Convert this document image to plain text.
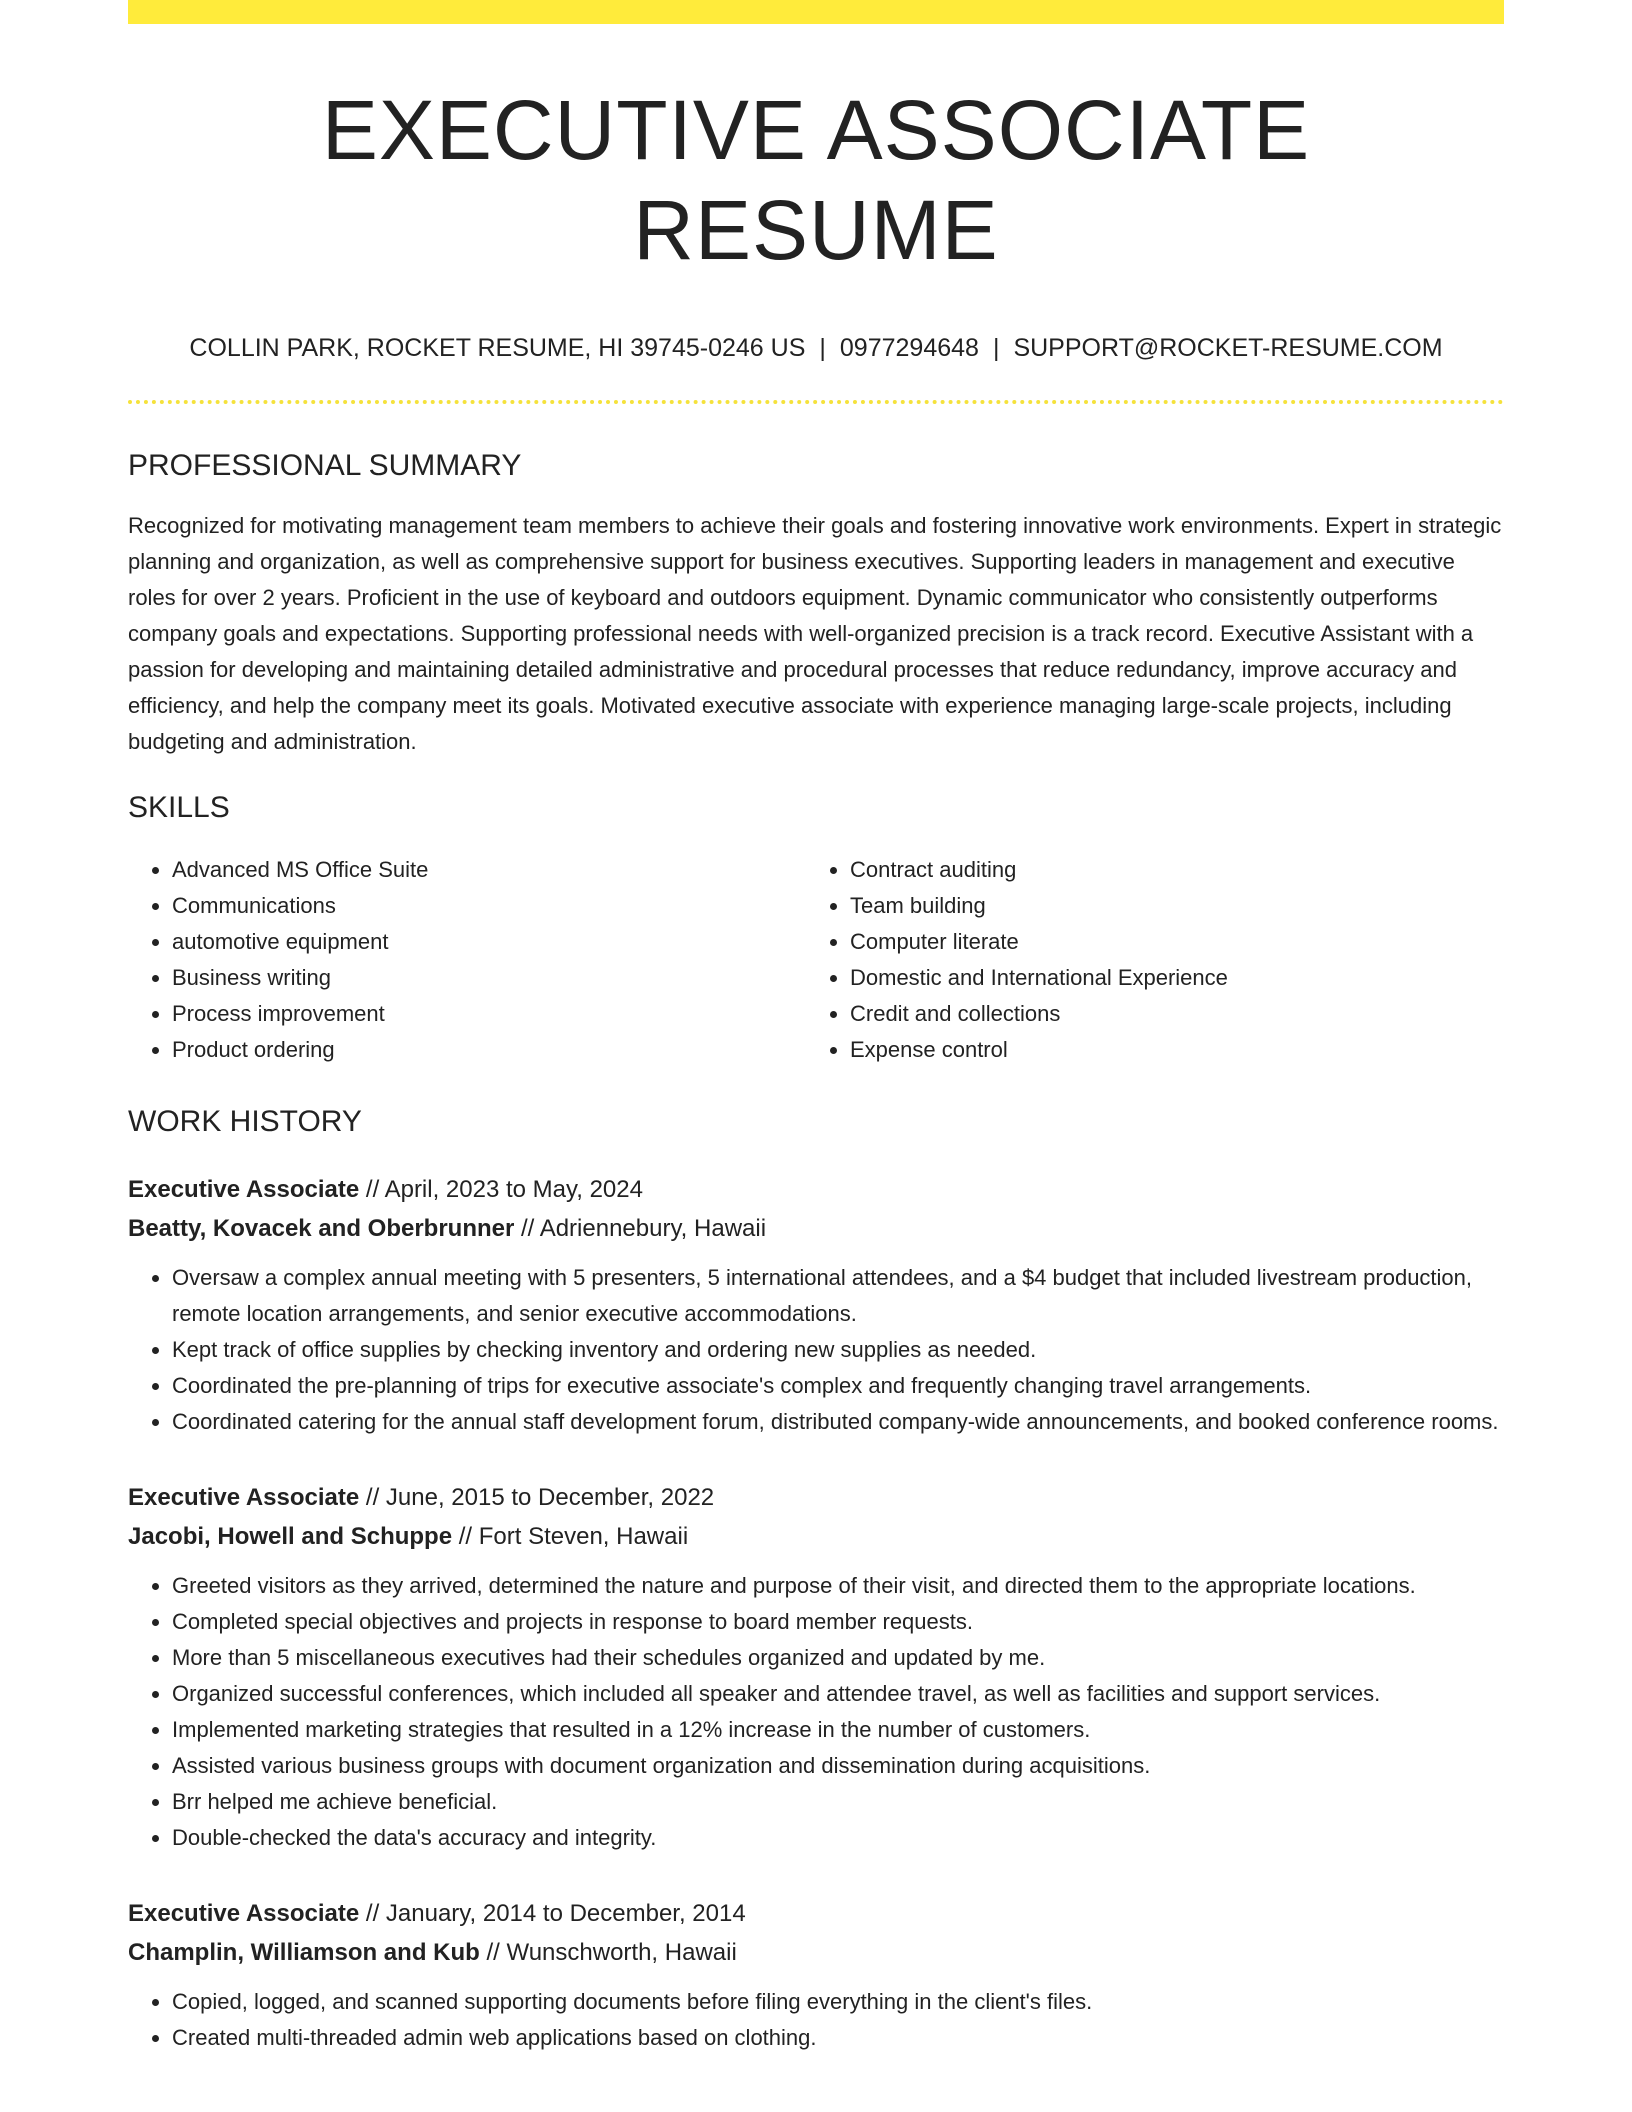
EXECUTIVE ASSOCIATE RESUME
COLLIN PARK, ROCKET RESUME, HI 39745-0246 US | 0977294648 | SUPPORT@ROCKET-RESUME.COM
PROFESSIONAL SUMMARY
Recognized for motivating management team members to achieve their goals and fostering innovative work environments. Expert in strategic planning and organization, as well as comprehensive support for business executives. Supporting leaders in management and executive roles for over 2 years. Proficient in the use of keyboard and outdoors equipment. Dynamic communicator who consistently outperforms company goals and expectations. Supporting professional needs with well-organized precision is a track record. Executive Assistant with a passion for developing and maintaining detailed administrative and procedural processes that reduce redundancy, improve accuracy and efficiency, and help the company meet its goals. Motivated executive associate with experience managing large-scale projects, including budgeting and administration.
SKILLS
• Advanced MS Office Suite
• Communications
• automotive equipment
• Business writing
• Process improvement
• Product ordering
• Contract auditing
• Team building
• Computer literate
• Domestic and International Experience
• Credit and collections
• Expense control
WORK HISTORY
Executive Associate // April, 2023 to May, 2024
Beatty, Kovacek and Oberbrunner // Adriennebury, Hawaii
• Oversaw a complex annual meeting with 5 presenters, 5 international attendees, and a $4 budget that included livestream production, remote location arrangements, and senior executive accommodations.
• Kept track of office supplies by checking inventory and ordering new supplies as needed.
• Coordinated the pre-planning of trips for executive associate's complex and frequently changing travel arrangements.
• Coordinated catering for the annual staff development forum, distributed company-wide announcements, and booked conference rooms.
Executive Associate // June, 2015 to December, 2022
Jacobi, Howell and Schuppe // Fort Steven, Hawaii
• Greeted visitors as they arrived, determined the nature and purpose of their visit, and directed them to the appropriate locations.
• Completed special objectives and projects in response to board member requests.
• More than 5 miscellaneous executives had their schedules organized and updated by me.
• Organized successful conferences, which included all speaker and attendee travel, as well as facilities and support services.
• Implemented marketing strategies that resulted in a 12% increase in the number of customers.
• Assisted various business groups with document organization and dissemination during acquisitions.
• Brr helped me achieve beneficial.
• Double-checked the data's accuracy and integrity.
Executive Associate // January, 2014 to December, 2014
Champlin, Williamson and Kub // Wunschworth, Hawaii
• Copied, logged, and scanned supporting documents before filing everything in the client's files.
• Created multi-threaded admin web applications based on clothing.
